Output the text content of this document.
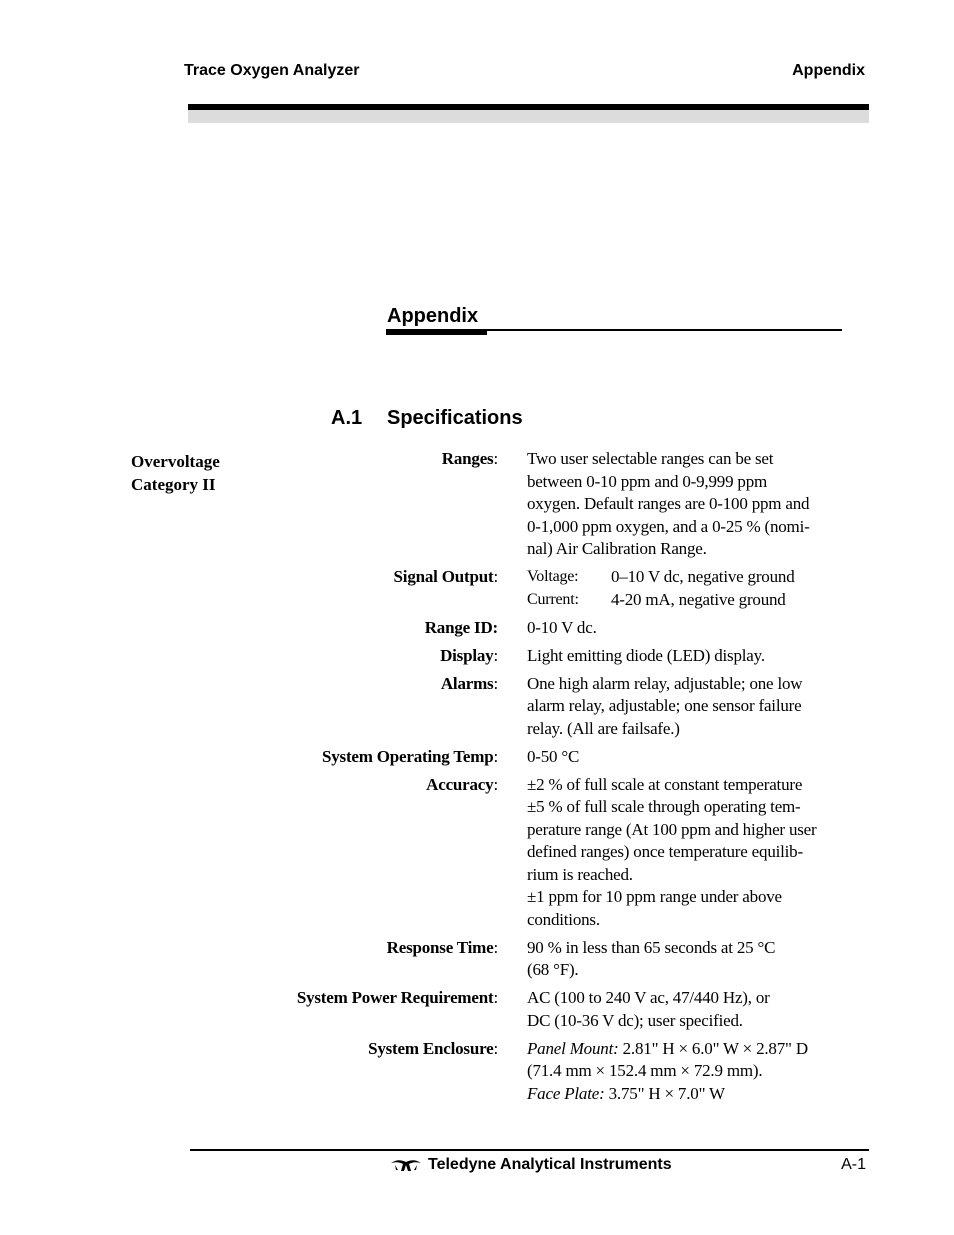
Trace Oxygen Analyzer	Appendix
Appendix
A.1 Specifications
Overvoltage
Category II
Ranges: Two user selectable ranges can be set
between 0-10 ppm and 0-9,999 ppm
oxygen. Default ranges are 0-100 ppm and
0-1,000 ppm oxygen, and a 0-25 % (nomi-
nal) Air Calibration Range.
Signal Output: Voltage:	0–10 V dc, negative ground
Current:	4-20 mA, negative ground
Range ID: 0-10 V dc.
Display: Light emitting diode (LED) display.
Alarms: One high alarm relay, adjustable; one low
alarm relay, adjustable; one sensor failure
relay. (All are failsafe.)
System Operating Temp: 0-50 °C
Accuracy: ±2 % of full scale at constant temperature
±5 % of full scale through operating tem-
perature range (At 100 ppm and higher user
defined ranges) once temperature equilib-
rium is reached.
±1 ppm for 10 ppm range under above
conditions.
Response Time: 90 % in less than 65 seconds at 25 °C
(68 °F).
System Power Requirement: AC (100 to 240 V ac, 47/440 Hz), or
DC (10-36 V dc); user specified.
System Enclosure: Panel Mount: 2.81" H × 6.0" W × 2.87" D
(71.4 mm × 152.4 mm × 72.9 mm).
Face Plate: 3.75" H × 7.0" W
Teledyne Analytical Instruments	A-1
